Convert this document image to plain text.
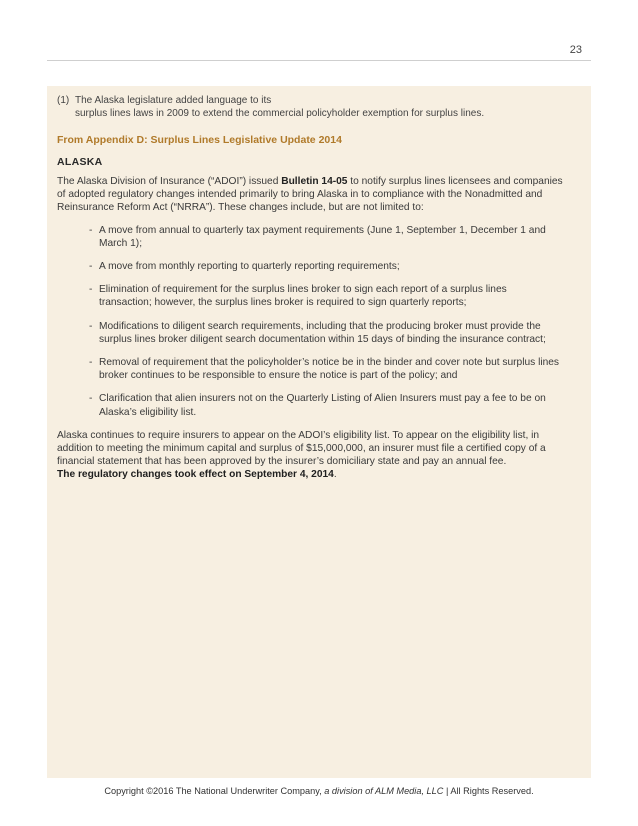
23
(1) The Alaska legislature added language to its
surplus lines laws in 2009 to extend the commercial policyholder exemption for surplus lines.
From Appendix D: Surplus Lines Legislative Update 2014
ALASKA
The Alaska Division of Insurance (“ADOI”) issued Bulletin 14-05 to notify surplus lines licensees and companies of adopted regulatory changes intended primarily to bring Alaska in to compliance with the Nonadmitted and Reinsurance Reform Act (“NRRA”). These changes include, but are not limited to:
- A move from annual to quarterly tax payment requirements (June 1, September 1, December 1 and March 1);
- A move from monthly reporting to quarterly reporting requirements;
- Elimination of requirement for the surplus lines broker to sign each report of a surplus lines transaction; however, the surplus lines broker is required to sign quarterly reports;
- Modifications to diligent search requirements, including that the producing broker must provide the surplus lines broker diligent search documentation within 15 days of binding the insurance contract;
- Removal of requirement that the policyholder’s notice be in the binder and cover note but surplus lines broker continues to be responsible to ensure the notice is part of the policy; and
- Clarification that alien insurers not on the Quarterly Listing of Alien Insurers must pay a fee to be on Alaska’s eligibility list.
Alaska continues to require insurers to appear on the ADOI’s eligibility list. To appear on the eligibility list, in addition to meeting the minimum capital and surplus of $15,000,000, an insurer must file a certified copy of a financial statement that has been approved by the insurer’s domiciliary state and pay an annual fee.
The regulatory changes took effect on September 4, 2014.
Copyright ©2016 The National Underwriter Company, a division of ALM Media, LLC | All Rights Reserved.
